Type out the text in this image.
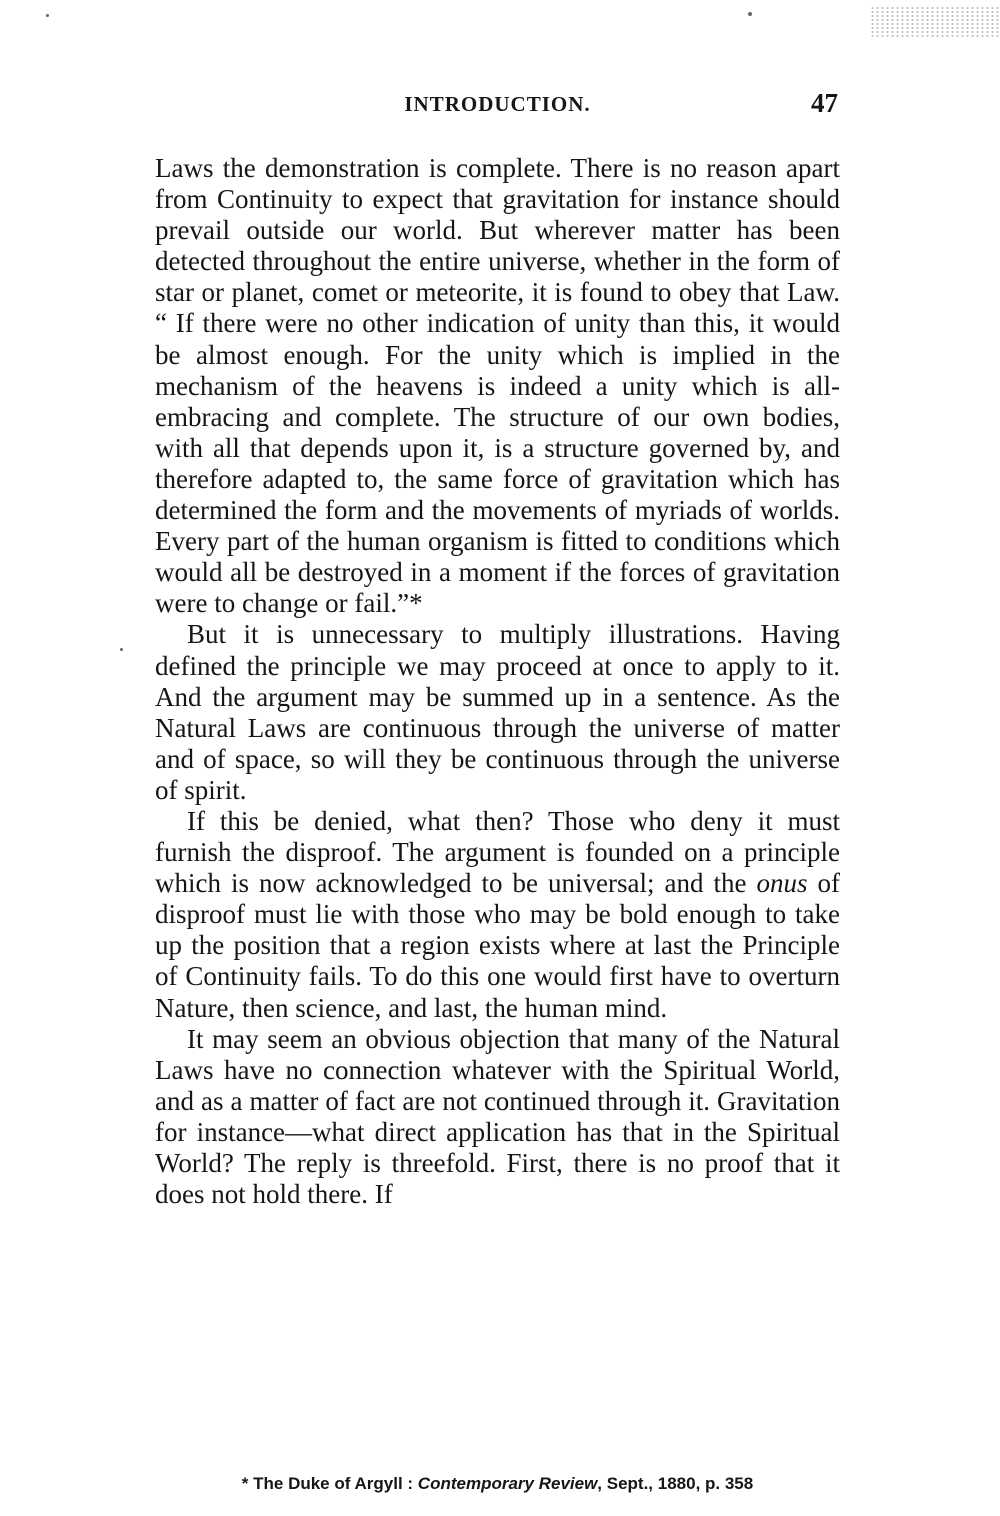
INTRODUCTION.	47

Laws the demonstration is complete. There is no reason apart from Continuity to expect that gravitation for instance should prevail outside our world. But wherever matter has been detected throughout the entire universe, whether in the form of star or planet, comet or meteorite, it is found to obey that Law. “ If there were no other indication of unity than this, it would be almost enough. For the unity which is implied in the mechanism of the heavens is indeed a unity which is all-embracing and complete. The structure of our own bodies, with all that depends upon it, is a structure governed by, and therefore adapted to, the same force of gravitation which has determined the form and the movements of myriads of worlds. Every part of the human organism is fitted to conditions which would all be destroyed in a moment if the forces of gravitation were to change or fail.”*

But it is unnecessary to multiply illustrations. Having defined the principle we may proceed at once to apply to it. And the argument may be summed up in a sentence. As the Natural Laws are continuous through the universe of matter and of space, so will they be continuous through the universe of spirit.

If this be denied, what then? Those who deny it must furnish the disproof. The argument is founded on a principle which is now acknowledged to be universal; and the onus of disproof must lie with those who may be bold enough to take up the position that a region exists where at last the Principle of Continuity fails. To do this one would first have to overturn Nature, then science, and last, the human mind.

It may seem an obvious objection that many of the Natural Laws have no connection whatever with the Spiritual World, and as a matter of fact are not continued through it. Gravitation for instance—what direct application has that in the Spiritual World? The reply is threefold. First, there is no proof that it does not hold there. If

* The Duke of Argyll : Contemporary Review, Sept., 1880, p. 358
